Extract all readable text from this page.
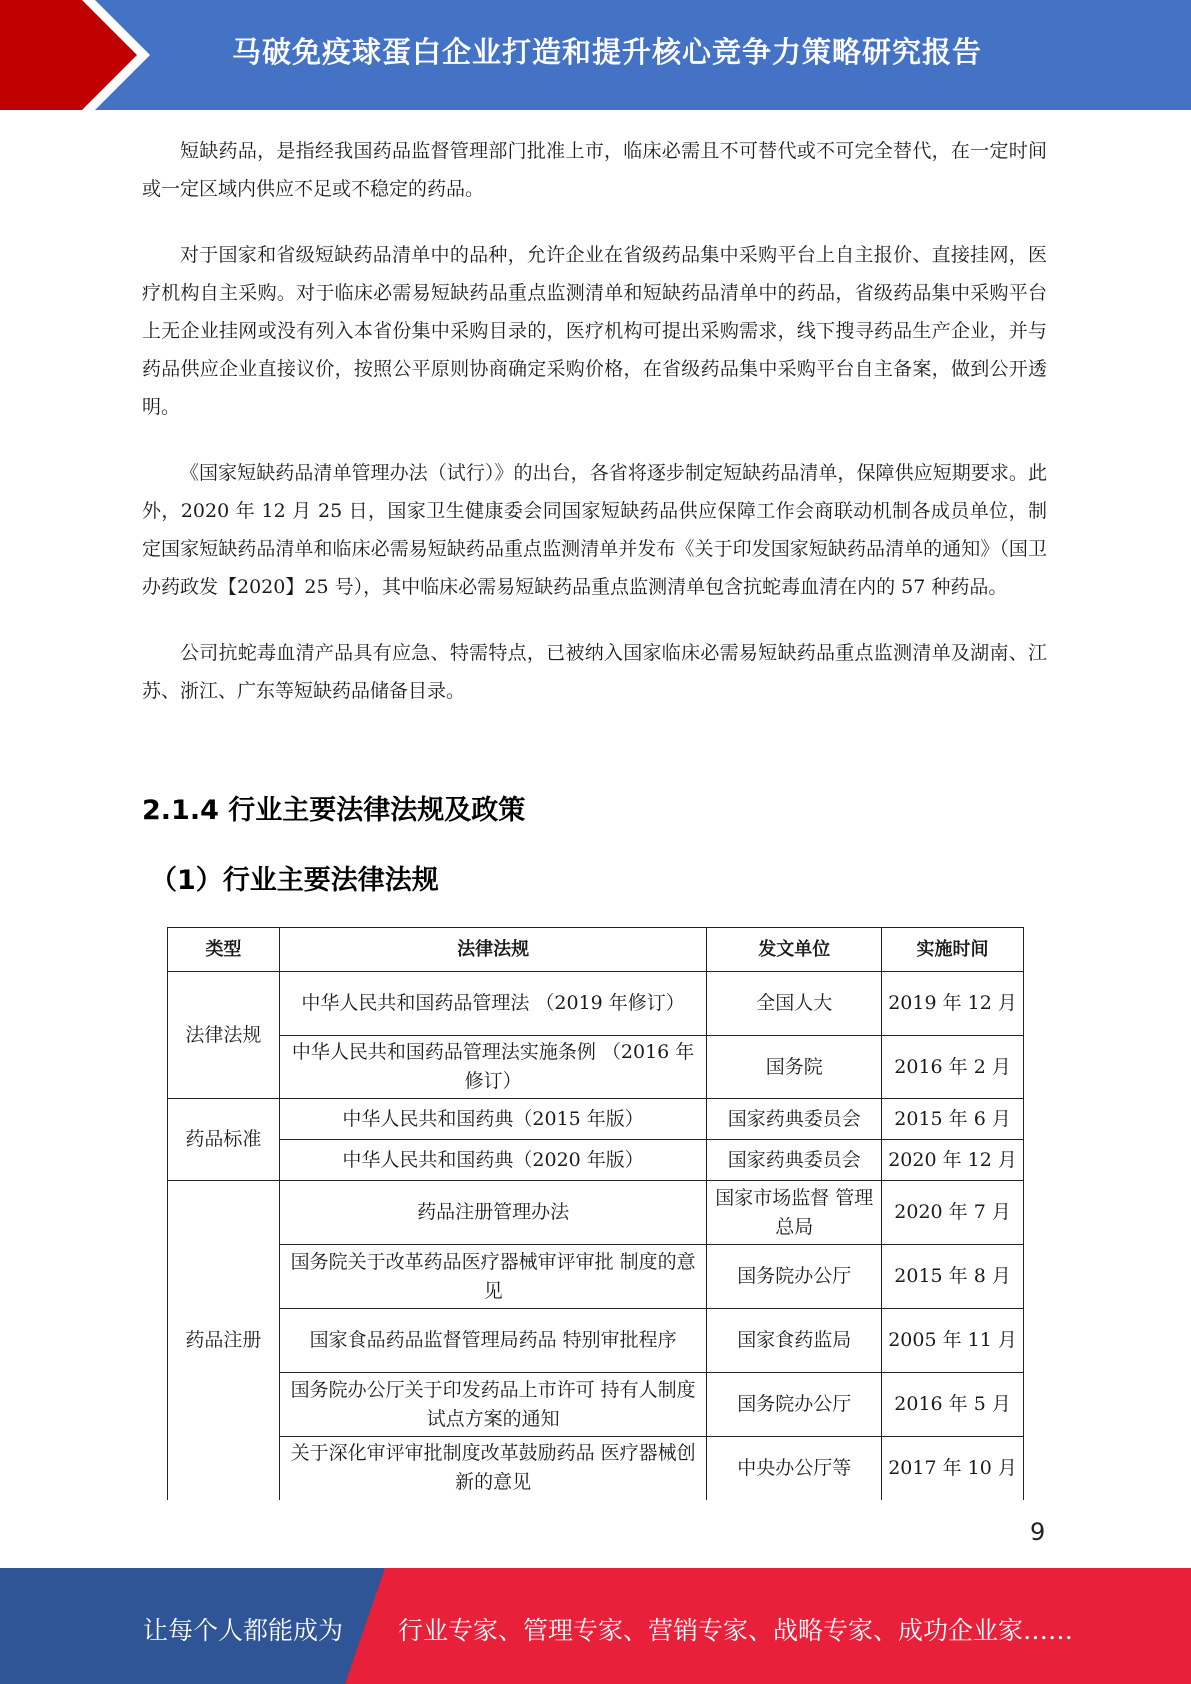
马破免疫球蛋白企业打造和提升核心竞争力策略研究报告

短缺药品，是指经我国药品监督管理部门批准上市，临床必需且不可替代或不可完全替代，在一定时间或一定区域内供应不足或不稳定的药品。

对于国家和省级短缺药品清单中的品种，允许企业在省级药品集中采购平台上自主报价、直接挂网，医疗机构自主采购。对于临床必需易短缺药品重点监测清单和短缺药品清单中的药品，省级药品集中采购平台上无企业挂网或没有列入本省份集中采购目录的，医疗机构可提出采购需求，线下搜寻药品生产企业，并与药品供应企业直接议价，按照公平原则协商确定采购价格，在省级药品集中采购平台自主备案，做到公开透明。

《国家短缺药品清单管理办法（试行）》的出台，各省将逐步制定短缺药品清单，保障供应短期要求。此外，2020 年 12 月 25 日，国家卫生健康委会同国家短缺药品供应保障工作会商联动机制各成员单位，制定国家短缺药品清单和临床必需易短缺药品重点监测清单并发布《关于印发国家短缺药品清单的通知》（国卫办药政发【2020】25 号），其中临床必需易短缺药品重点监测清单包含抗蛇毒血清在内的 57 种药品。

公司抗蛇毒血清产品具有应急、特需特点，已被纳入国家临床必需易短缺药品重点监测清单及湖南、江苏、浙江、广东等短缺药品储备目录。

2.1.4 行业主要法律法规及政策
（1）行业主要法律法规
类型	法律法规	发文单位	实施时间
法律法规	中华人民共和国药品管理法 （2019 年修订）	全国人大	2019 年 12 月
	中华人民共和国药品管理法实施条例 （2016 年修订）	国务院	2016 年 2 月
药品标准	中华人民共和国药典（2015 年版）	国家药典委员会	2015 年 6 月
	中华人民共和国药典（2020 年版）	国家药典委员会	2020 年 12 月
药品注册	药品注册管理办法	国家市场监督 管理总局	2020 年 7 月
	国务院关于改革药品医疗器械审评审批 制度的意见	国务院办公厅	2015 年 8 月
	国家食品药品监督管理局药品 特别审批程序	国家食药监局	2005 年 11 月
	国务院办公厅关于印发药品上市许可 持有人制度试点方案的通知	国务院办公厅	2016 年 5 月
	关于深化审评审批制度改革鼓励药品 医疗器械创新的意见	中央办公厅等	2017 年 10 月
9
让每个人都能成为 行业专家、管理专家、营销专家、战略专家、成功企业家……
